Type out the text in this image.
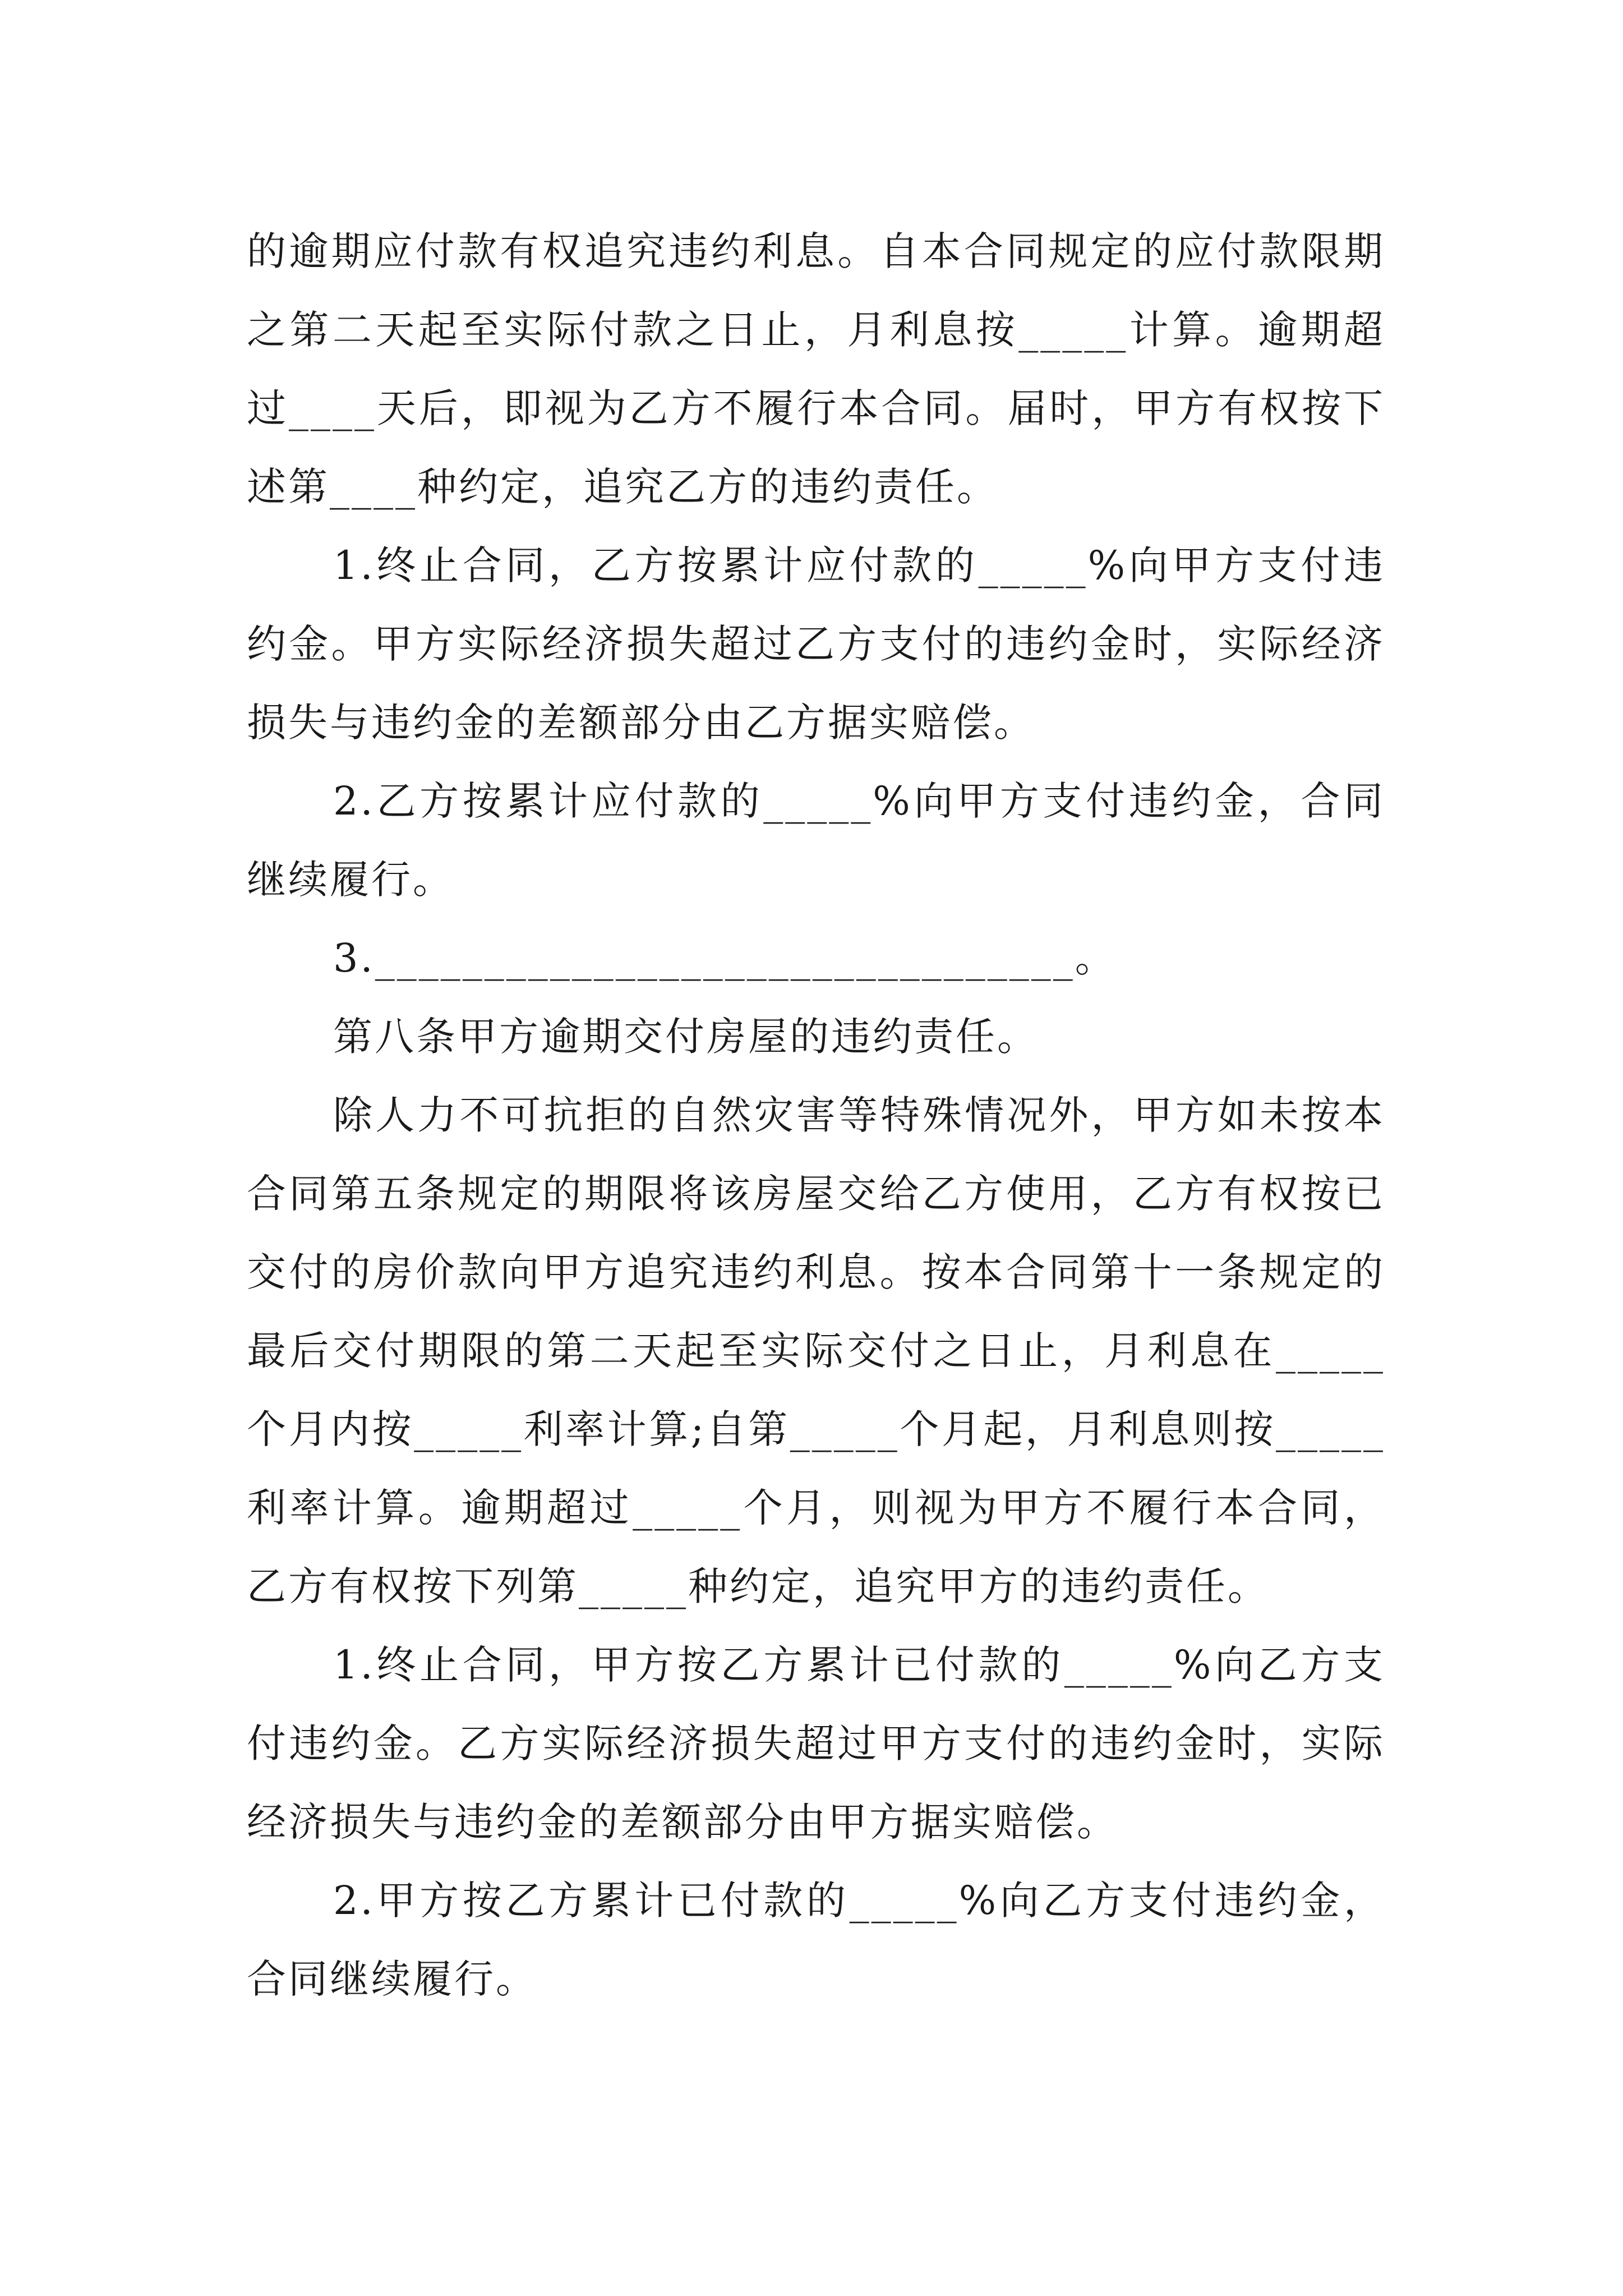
的逾期应付款有权追究违约利息。自本合同规定的应付款限期之第二天起至实际付款之日止，月利息按_____计算。逾期超过____天后，即视为乙方不履行本合同。届时，甲方有权按下述第____种约定，追究乙方的违约责任。

1.终止合同，乙方按累计应付款的_____%向甲方支付违约金。甲方实际经济损失超过乙方支付的违约金时，实际经济损失与违约金的差额部分由乙方据实赔偿。

2.乙方按累计应付款的_____%向甲方支付违约金，合同继续履行。

3.________________________________。

第八条甲方逾期交付房屋的违约责任。

除人力不可抗拒的自然灾害等特殊情况外，甲方如未按本合同第五条规定的期限将该房屋交给乙方使用，乙方有权按已交付的房价款向甲方追究违约利息。按本合同第十一条规定的最后交付期限的第二天起至实际交付之日止，月利息在_____个月内按_____利率计算;自第_____个月起，月利息则按_____利率计算。逾期超过_____个月，则视为甲方不履行本合同，乙方有权按下列第_____种约定，追究甲方的违约责任。

1.终止合同，甲方按乙方累计已付款的_____%向乙方支付违约金。乙方实际经济损失超过甲方支付的违约金时，实际经济损失与违约金的差额部分由甲方据实赔偿。

2.甲方按乙方累计已付款的_____%向乙方支付违约金，合同继续履行。
